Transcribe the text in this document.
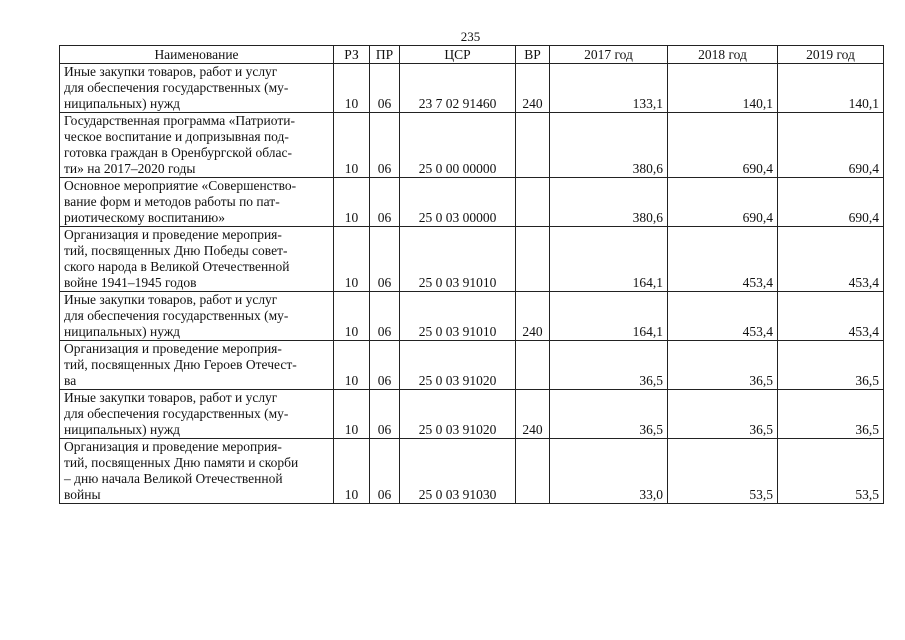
235
Наименование	РЗ	ПР	ЦСР	ВР	2017 год	2018 год	2019 год

Иные закупки товаров, работ и услуг
для обеспечения государственных (му-
ниципальных) нужд	10	06	23 7 02 91460	240	133,1	140,1	140,1

Государственная программа «Патриоти-
ческое воспитание и допризывная под-
готовка граждан в Оренбургской облас-
ти» на 2017–2020 годы	10	06	25 0 00 00000		380,6	690,4	690,4

Основное мероприятие «Совершенство-
вание форм и методов работы по пат-
риотическому воспитанию»	10	06	25 0 03 00000		380,6	690,4	690,4

Организация и проведение мероприя-
тий, посвященных Дню Победы совет-
ского народа в Великой Отечественной
войне 1941–1945 годов	10	06	25 0 03 91010		164,1	453,4	453,4

Иные закупки товаров, работ и услуг
для обеспечения государственных (му-
ниципальных) нужд	10	06	25 0 03 91010	240	164,1	453,4	453,4

Организация и проведение мероприя-
тий, посвященных Дню Героев Отечест-
ва	10	06	25 0 03 91020		36,5	36,5	36,5

Иные закупки товаров, работ и услуг
для обеспечения государственных (му-
ниципальных) нужд	10	06	25 0 03 91020	240	36,5	36,5	36,5

Организация и проведение мероприя-
тий, посвященных Дню памяти и скорби
– дню начала Великой Отечественной
войны	10	06	25 0 03 91030		33,0	53,5	53,5
